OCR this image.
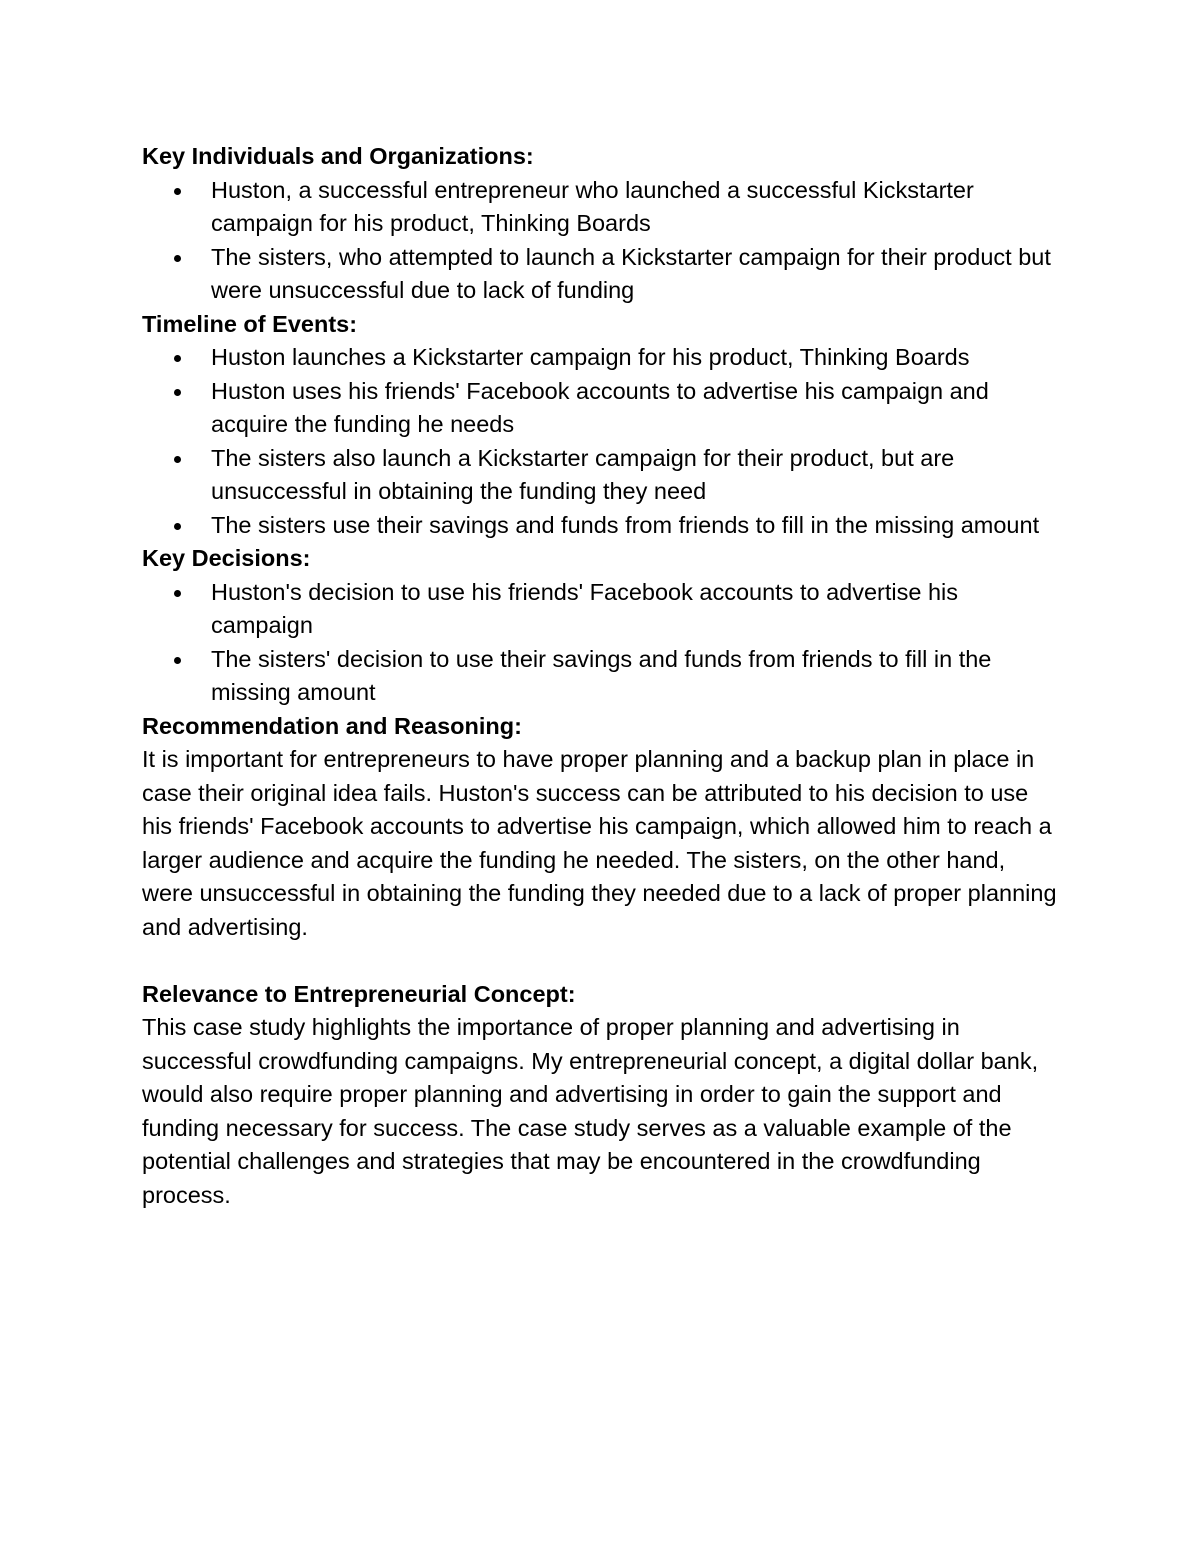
Key Individuals and Organizations:
Huston, a successful entrepreneur who launched a successful Kickstarter campaign for his product, Thinking Boards
The sisters, who attempted to launch a Kickstarter campaign for their product but were unsuccessful due to lack of funding
Timeline of Events:
Huston launches a Kickstarter campaign for his product, Thinking Boards
Huston uses his friends' Facebook accounts to advertise his campaign and acquire the funding he needs
The sisters also launch a Kickstarter campaign for their product, but are unsuccessful in obtaining the funding they need
The sisters use their savings and funds from friends to fill in the missing amount
Key Decisions:
Huston's decision to use his friends' Facebook accounts to advertise his campaign
The sisters' decision to use their savings and funds from friends to fill in the missing amount
Recommendation and Reasoning:

It is important for entrepreneurs to have proper planning and a backup plan in place in case their original idea fails. Huston's success can be attributed to his decision to use his friends' Facebook accounts to advertise his campaign, which allowed him to reach a larger audience and acquire the funding he needed. The sisters, on the other hand, were unsuccessful in obtaining the funding they needed due to a lack of proper planning and advertising.

Relevance to Entrepreneurial Concept:

This case study highlights the importance of proper planning and advertising in successful crowdfunding campaigns. My entrepreneurial concept, a digital dollar bank, would also require proper planning and advertising in order to gain the support and funding necessary for success. The case study serves as a valuable example of the potential challenges and strategies that may be encountered in the crowdfunding process.
